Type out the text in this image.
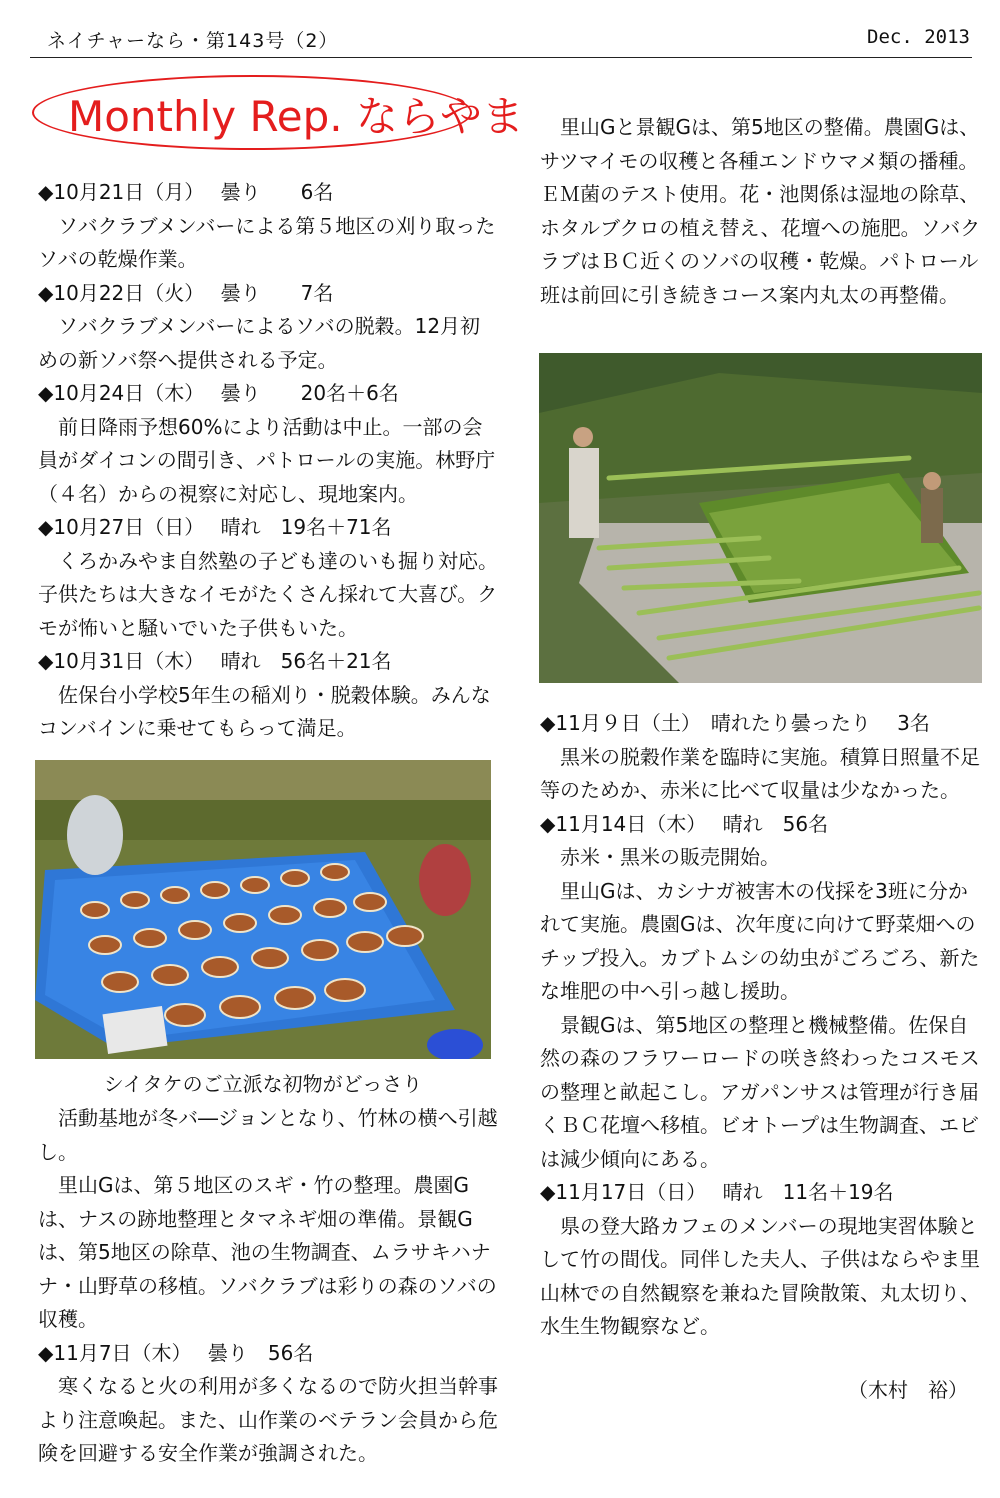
ネイチャーなら・第143号（2）	Dec. 2013
Monthly Rep. ならやま

◆10月21日（月）　 曇り　　6名

ソバクラブメンバーによる第５地区の刈り取ったソバの乾燥作業。

◆10月22日（火）　 曇り　　7名

ソバクラブメンバーによるソバの脱穀。12月初めの新ソバ祭へ提供される予定。

◆10月24日（木）　 曇り　　20名＋6名

前日降雨予想60%により活動は中止。一部の会員がダイコンの間引き、パトロールの実施。林野庁（４名）からの視察に対応し、現地案内。

◆10月27日（日）　 晴れ　19名＋71名

くろかみやま自然塾の子ども達のいも掘り対応。子供たちは大きなイモがたくさん採れて大喜び。クモが怖いと騒いでいた子供もいた。

◆10月31日（木）　 晴れ　56名＋21名

佐保台小学校5年生の稲刈り・脱穀体験。みんなコンバインに乗せてもらって満足。

シイタケのご立派な初物がどっさり

活動基地が冬バ―ジョンとなり、竹林の横へ引越し。

里山Gは、第５地区のスギ・竹の整理。農園Gは、ナスの跡地整理とタマネギ畑の準備。景観Gは、第5地区の除草、池の生物調査、ムラサキハナナ・山野草の移植。ソバクラブは彩りの森のソバの収穫。

◆11月7日（木）　 曇り　56名

寒くなると火の利用が多くなるので防火担当幹事より注意喚起。また、山作業のベテラン会員から危険を回避する安全作業が強調された。

里山Gと景観Gは、第5地区の整備。農園Gは、サツマイモの収穫と各種エンドウマメ類の播種。ＥＭ菌のテスト使用。花・池関係は湿地の除草、ホタルブクロの植え替え、花壇への施肥。ソバクラブはＢＣ近くのソバの収穫・乾燥。パトロール班は前回に引き続きコース案内丸太の再整備。

◆11月９日（土）　晴れたり曇ったり　 3名

黒米の脱穀作業を臨時に実施。積算日照量不足等のためか、赤米に比べて収量は少なかった。

◆11月14日（木）　 晴れ　56名

赤米・黒米の販売開始。

里山Gは、カシナガ被害木の伐採を3班に分かれて実施。農園Gは、次年度に向けて野菜畑へのチップ投入。カブトムシの幼虫がごろごろ、新たな堆肥の中へ引っ越し援助。

景観Gは、第5地区の整理と機械整備。佐保自然の森のフラワーロードの咲き終わったコスモスの整理と畝起こし。アガパンサスは管理が行き届くＢＣ花壇へ移植。ビオトープは生物調査、エビは減少傾向にある。

◆11月17日（日）　 晴れ　11名＋19名

県の登大路カフェのメンバーの現地実習体験として竹の間伐。同伴した夫人、子供はならやま里山林での自然観察を兼ねた冒険散策、丸太切り、水生生物観察など。

（木村　裕）
